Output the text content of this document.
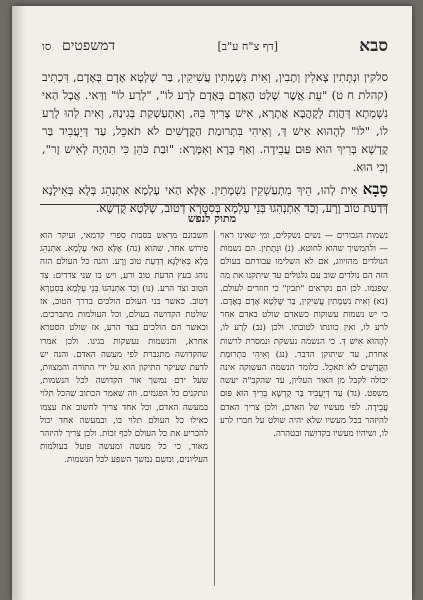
סבא
[דף צ"ח ע"ב]
דמשפטים
סו

סלקין וּנְתָתִין צָאלִין וְתָבִין, וְאִית נִשְׁמָתִין עֲשִׁיקִין, בַּר שָׁלְטָא אָדָם בְּאָדָם, דִּכְתִיב (קהלת ח ט) "עֵת אֲשֶׁר שָׁלַט הָאָדָם בְּאָדָם לְרַע לוֹ", "לְרַע לוֹ" וַדַּאי. אֲבָל הַאי נִשְׁמְתָא דְּהֲוַת לְקָהֲבָא אֲתָרָא, אִישׁ צָרִיךְ בֵּהּ, וְאִתְעַשְׁקַת בְּגִינַהּ, וְאִית לְהוּ לְרַע לוֹ, "לוֹ" לְהָהוּא אִישׁ דְּ, וְאִיהִי בִּתְרוּמַת הַקֳּדָשִׁים לֹא תֹאכֵל, עַד דְּיֵעֲבִיד בַּר קֻדְשָׁא בְּרִיךְ הוּא פּוּם עֲבֵידָה. וְאַף בָּרָא וְאִמָּרָא: "וּבַת כֹּהֵן כִּי תִהְיֶה לְאִישׁ זָר", וְכִי הוּא.

סָבָא אִית לְהוּ, הֵיךְ מִתְעַשְׁקִין נִשְׁמָתִין. אֶלָּא הַאי עָלְמָא אִתְנְהֵג בְּלָא בְּאִילָנָא דְּדַעַת טוֹב וָרָע, וְכַד אִתְנְהִגוּ בְּנֵי עָלְמָא בְּסִטְרָא דְטוֹב, שָׁלְטָא קֻדְשָׁא.

מתוק לנפש
נשמות הגבורים — נשים נשקלים, ומי שאינו ראוי — ולהמשיך שהוא לחוטא. (נ) וּנְתָתִין. הם נשמות הנולדים מהזיווג, אם לא השלימו עבודתם בעולם הזה הם נולדים שוב עם גלגולים עד שיתקנו את מה שפגמו. לכן הם נקראים "תבין" כי חוזרים לעולם. (נא) וְאִית נִשְׁמָתִין עֲשִׁיקִין, בַּר שָׁלְטָא אָדָם בְּאָדָם. כי יש נשמות עשוקות כשאדם שולט באדם אחר לרע לו, ואין כוונתו לטובתו. ולכן (נב) לְרַע לוֹ, לְהָהוּא אִישׁ דְּ. כי הנשמה נעשקת ונמסרת לרשות אחרת, עד שיתוקן הדבר. (נג) וְאִיהִי בִּתְרוּמַת הַקֳּדָשִׁים לֹא תֹאכֵל. כלומר הנשמה העשוקה אינה יכולה לקבל מן האור העליון, עד שהקב"ה יעשה משפט. (נד) עַד דְּיֵעֲבִיד בַּר קֻדְשָׁא בְּרִיךְ הוּא פּוּם עֲבֵידָה. לפי מעשיו של האדם, ולכן צריך האדם להיזהר בכל מעשיו שלא יהיה שולט על חברו לרע לו, ושיהיו מעשיו בקדושה ובטהרה.
חשבונם מראש בסבות ספרי קדמאי, ועיקר הוא פירוש אחד, שהוא (נה) אֶלָּא הַאי עָלְמָא. אִתְנְהֵג בְּלָא בְּאִילָנָא דְּדַעַת טוֹב וָרָע. והנה כל העולם הזה נוהג בעץ הדעת טוב ורע, ויש בו שני צדדים: צד הטוב וצד הרע. (נו) וְכַד אִתְנְהִגוּ בְּנֵי עָלְמָא בְּסִטְרָא דְטוֹב. כאשר בני העולם הולכים בדרך הטוב, אז שולטת הקדושה בעולם, וכל העולמות מתברכים. וכאשר הם הולכים בצד הרע, אז שולט הסטרא אחרא, והנשמות נעשקות בגינו. ולכן אמרו שהקדושה מתגברת לפי מעשה האדם. והנה יש לדעת שעיקר התיקון הוא על ידי התורה והמצוות, שעל ידם נמשך אור הקדושה לכל הנשמות, ונתקנים כל הפגמים. וזה שאמר הכתוב שהכל תלוי במעשה האדם, וכל אחד צריך לחשוב את עצמו כאילו כל העולם תלוי בו, ובמעשה אחד יכול להכריע את כל העולם לכף זכות. ולכן צריך להיזהר מאוד, כי כל מעשה ומעשה פועל בעולמות העליונים, ומשם נמשך השפע לכל הנשמות.
